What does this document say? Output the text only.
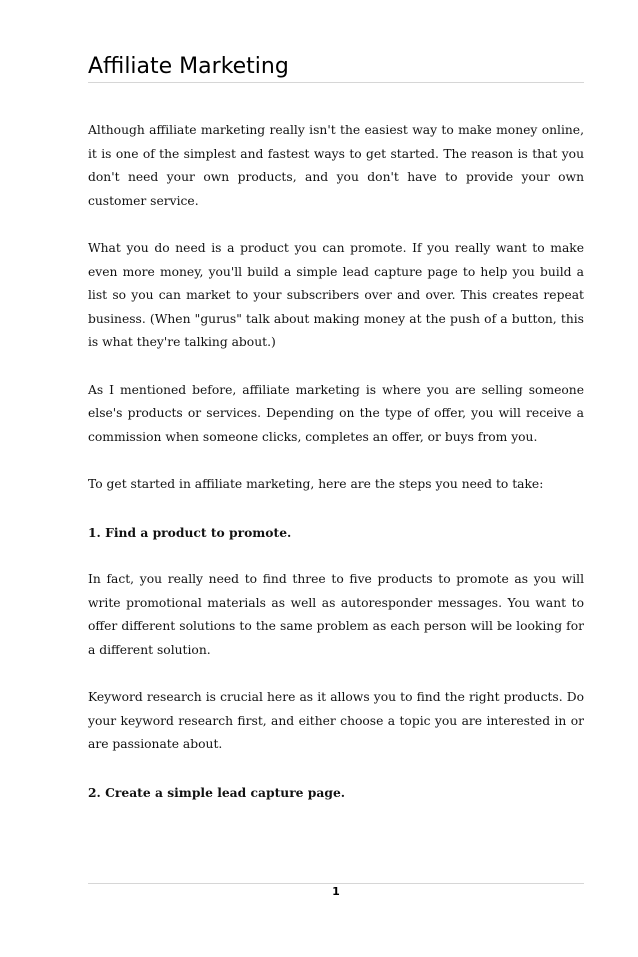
Affiliate Marketing

Although affiliate marketing really isn't the easiest way to make money online, it is one of the simplest and fastest ways to get started. The reason is that you don't need your own products, and you don't have to provide your own customer service.

What you do need is a product you can promote. If you really want to make even more money, you'll build a simple lead capture page to help you build a list so you can market to your subscribers over and over. This creates repeat business. (When "gurus" talk about making money at the push of a button, this is what they're talking about.)

As I mentioned before, affiliate marketing is where you are selling someone else's products or services. Depending on the type of offer, you will receive a commission when someone clicks, completes an offer, or buys from you.

To get started in affiliate marketing, here are the steps you need to take:

1. Find a product to promote.

In fact, you really need to find three to five products to promote as you will write promotional materials as well as autoresponder messages. You want to offer different solutions to the same problem as each person will be looking for a different solution.

Keyword research is crucial here as it allows you to find the right products. Do your keyword research first, and either choose a topic you are interested in or are passionate about.

2. Create a simple lead capture page.

1
